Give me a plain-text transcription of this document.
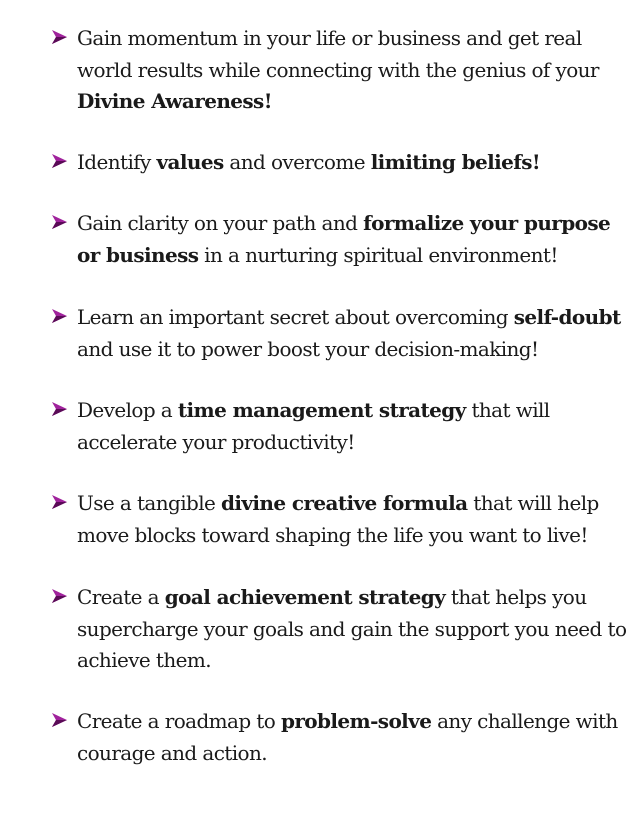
Gain momentum in your life or business and get real world results while connecting with the genius of your Divine Awareness!
Identify values and overcome limiting beliefs!
Gain clarity on your path and formalize your purpose or business in a nurturing spiritual environment!
Learn an important secret about overcoming self-doubt and use it to power boost your decision-making!
Develop a time management strategy that will accelerate your productivity!
Use a tangible divine creative formula that will help move blocks toward shaping the life you want to live!
Create a goal achievement strategy that helps you supercharge your goals and gain the support you need to achieve them.
Create a roadmap to problem-solve any challenge with courage and action.
